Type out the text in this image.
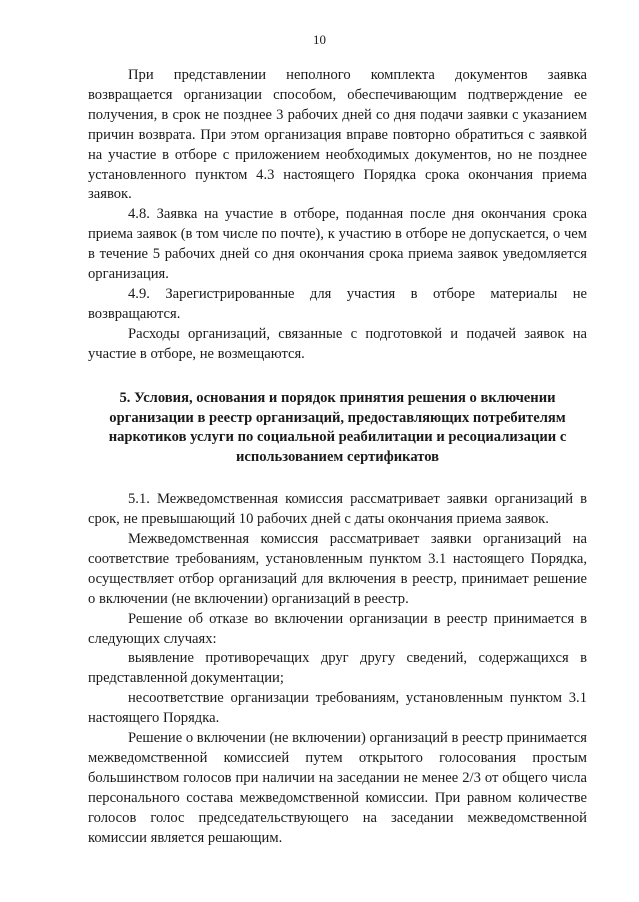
10

При представлении неполного комплекта документов заявка возвращается организации способом, обеспечивающим подтверждение ее получения, в срок не позднее 3 рабочих дней со дня подачи заявки с указанием причин возврата. При этом организация вправе повторно обратиться с заявкой на участие в отборе с приложением необходимых документов, но не позднее установленного пунктом 4.3 настоящего Порядка срока окончания приема заявок.

4.8. Заявка на участие в отборе, поданная после дня окончания срока приема заявок (в том числе по почте), к участию в отборе не допускается, о чем в течение 5 рабочих дней со дня окончания срока приема заявок уведомляется организация.

4.9. Зарегистрированные для участия в отборе материалы не возвращаются.

Расходы организаций, связанные с подготовкой и подачей заявок на участие в отборе, не возмещаются.

5. Условия, основания и порядок принятия решения о включении организации в реестр организаций, предоставляющих потребителям наркотиков услуги по социальной реабилитации и ресоциализации с использованием сертификатов

5.1. Межведомственная комиссия рассматривает заявки организаций в срок, не превышающий 10 рабочих дней с даты окончания приема заявок.

Межведомственная комиссия рассматривает заявки организаций на соответствие требованиям, установленным пунктом 3.1 настоящего Порядка, осуществляет отбор организаций для включения в реестр, принимает решение о включении (не включении) организаций в реестр.

Решение об отказе во включении организации в реестр принимается в следующих случаях:

выявление противоречащих друг другу сведений, содержащихся в представленной документации;

несоответствие организации требованиям, установленным пунктом 3.1 настоящего Порядка.

Решение о включении (не включении) организаций в реестр принимается межведомственной комиссией путем открытого голосования простым большинством голосов при наличии на заседании не менее 2/3 от общего числа персонального состава межведомственной комиссии. При равном количестве голосов голос председательствующего на заседании межведомственной комиссии является решающим.
